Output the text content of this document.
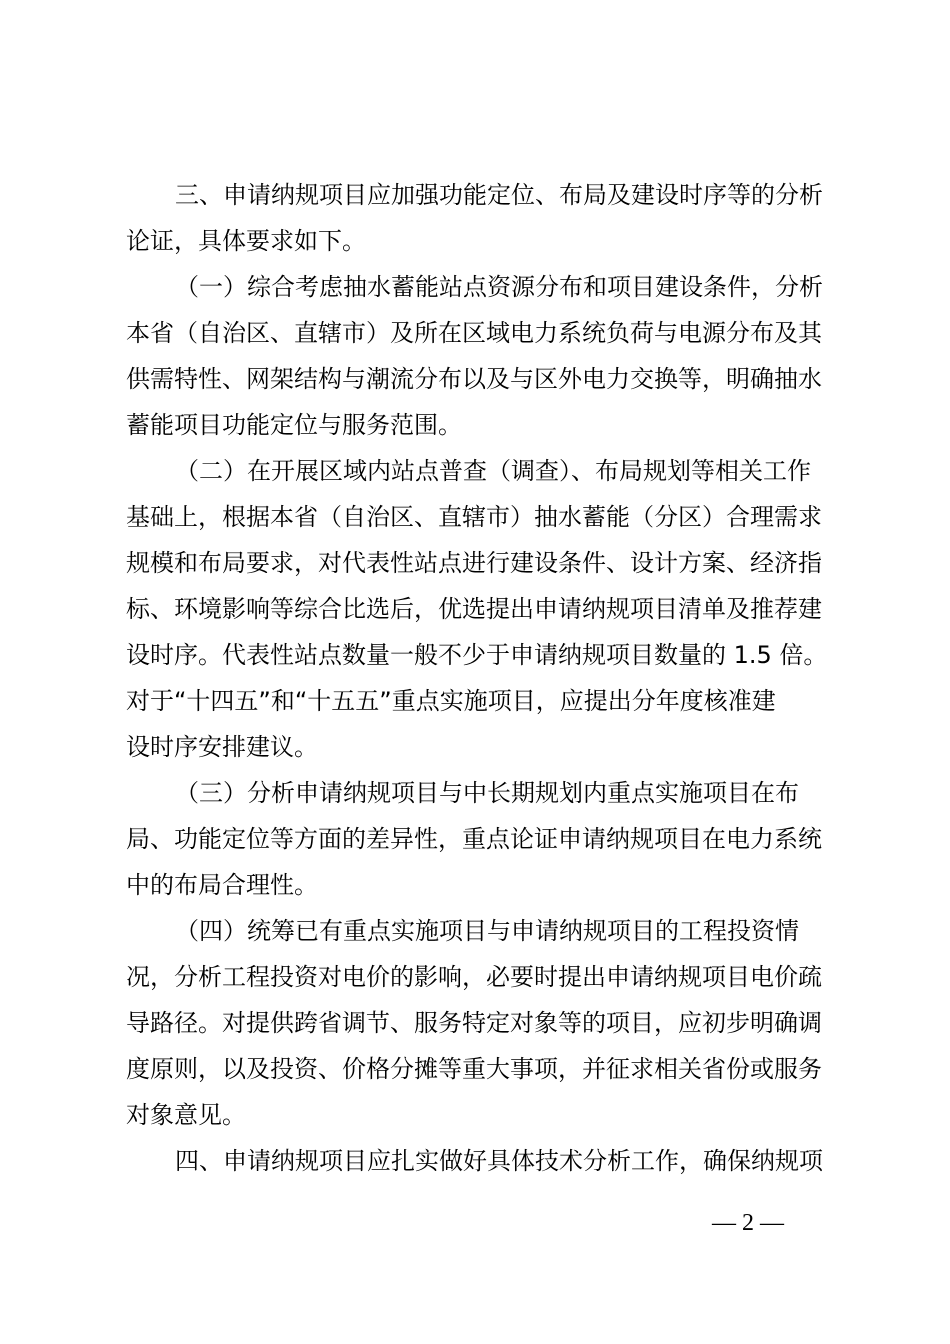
三、申请纳规项目应加强功能定位、布局及建设时序等的分析
论证，具体要求如下。
（一）综合考虑抽水蓄能站点资源分布和项目建设条件，分析
本省（自治区、直辖市）及所在区域电力系统负荷与电源分布及其
供需特性、网架结构与潮流分布以及与区外电力交换等，明确抽水
蓄能项目功能定位与服务范围。
（二）在开展区域内站点普查（调查）、布局规划等相关工作
基础上，根据本省（自治区、直辖市）抽水蓄能（分区）合理需求
规模和布局要求，对代表性站点进行建设条件、设计方案、经济指
标、环境影响等综合比选后，优选提出申请纳规项目清单及推荐建
设时序。代表性站点数量一般不少于申请纳规项目数量的 1.5 倍。
对于“十四五”和“十五五”重点实施项目，应提出分年度核准建
设时序安排建议。
（三）分析申请纳规项目与中长期规划内重点实施项目在布
局、功能定位等方面的差异性，重点论证申请纳规项目在电力系统
中的布局合理性。
（四）统筹已有重点实施项目与申请纳规项目的工程投资情
况，分析工程投资对电价的影响，必要时提出申请纳规项目电价疏
导路径。对提供跨省调节、服务特定对象等的项目，应初步明确调
度原则，以及投资、价格分摊等重大事项，并征求相关省份或服务
对象意见。
四、申请纳规项目应扎实做好具体技术分析工作，确保纳规项
— 2 —
